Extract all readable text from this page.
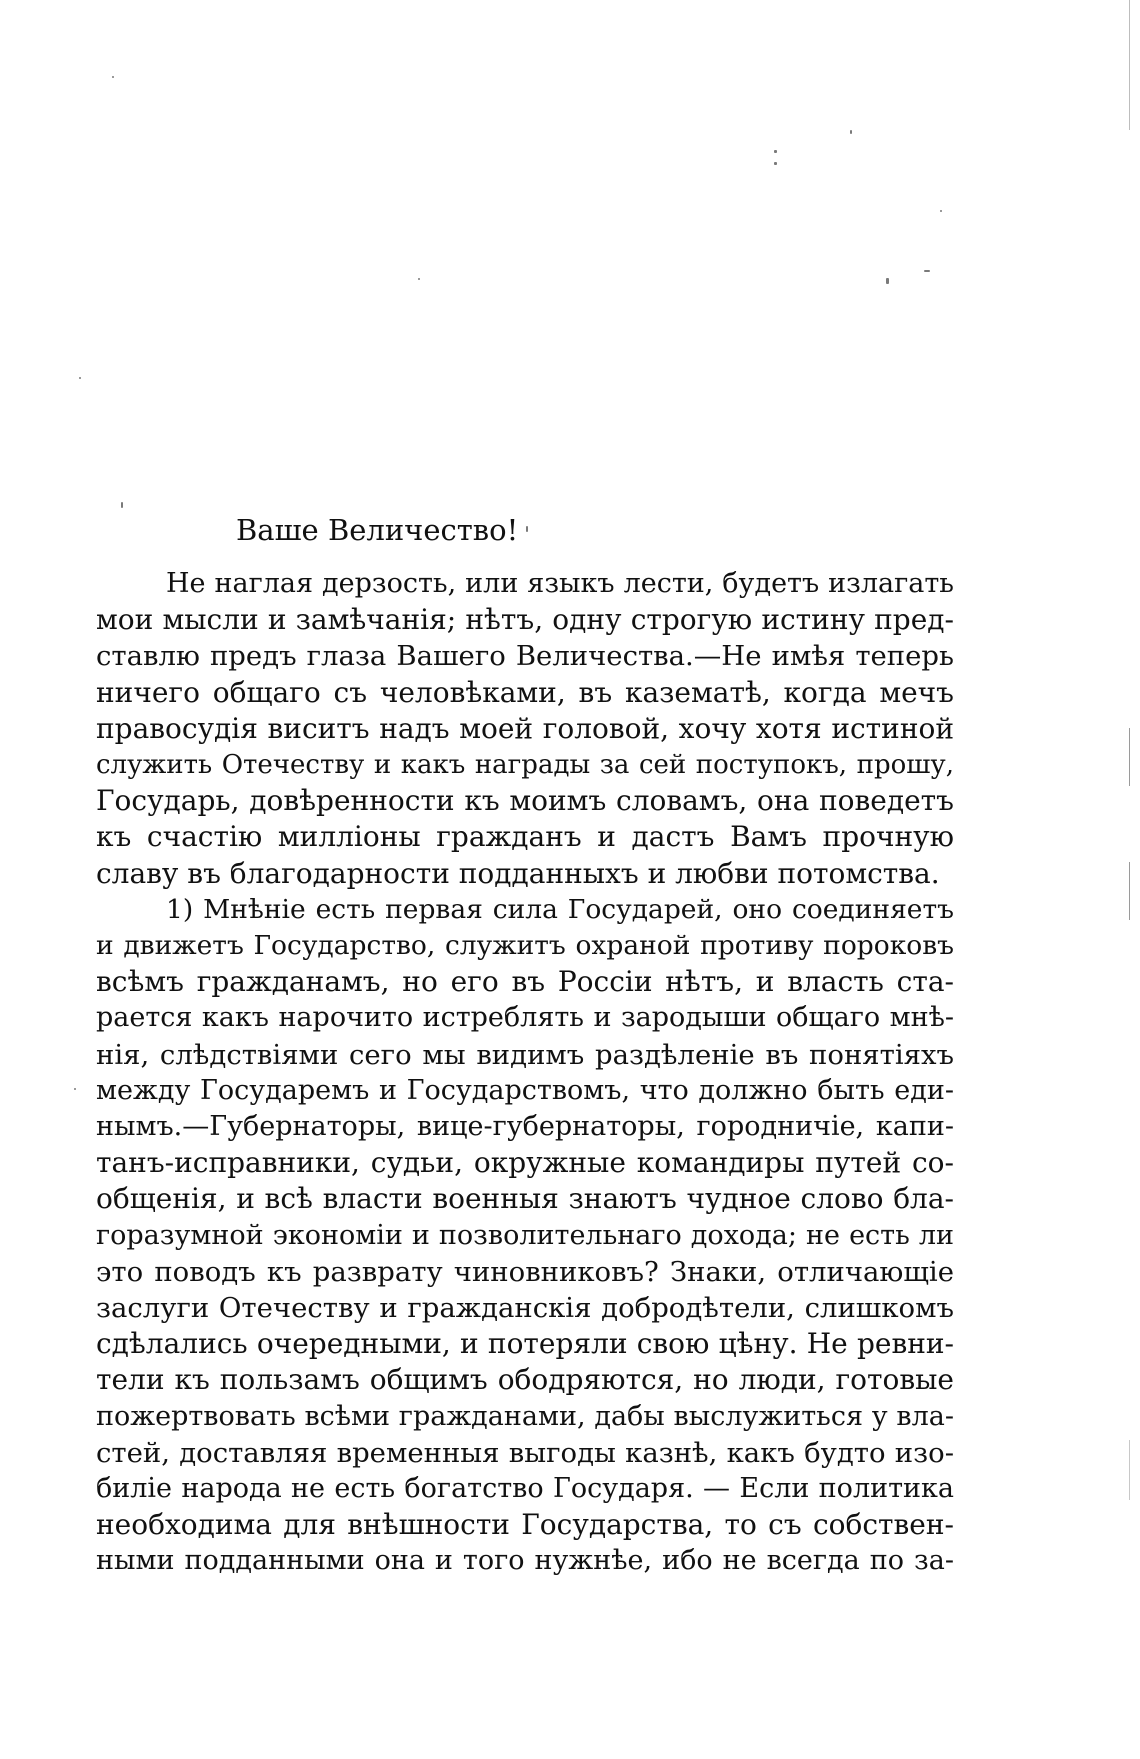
Ваше Величество!

Не наглая дерзость, или языкъ лести, будетъ излагать
мои мысли и замѣчанія; нѣтъ, одну строгую истину пред-
ставлю предъ глаза Вашего Величества.—Не имѣя теперь
ничего общаго съ человѣками, въ казематѣ, когда мечъ
правосудія виситъ надъ моей головой, хочу хотя истиной
служить Отечеству и какъ награды за сей поступокъ, прошу,
Государь, довѣренности къ моимъ словамъ, она поведетъ
къ счастію милліоны гражданъ и дастъ Вамъ прочную
славу въ благодарности подданныхъ и любви потомства.

1) Мнѣніе есть первая сила Государей, оно соединяетъ
и движетъ Государство, служитъ охраной противу пороковъ
всѣмъ гражданамъ, но его въ Россіи нѣтъ, и власть ста-
рается какъ нарочито истреблять и зародыши общаго мнѣ-
нія, слѣдствіями сего мы видимъ раздѣленіе въ понятіяхъ
между Государемъ и Государствомъ, что должно быть еди-
нымъ.—Губернаторы, вице-губернаторы, городничіе, капи-
танъ-исправники, судьи, окружные командиры путей со-
общенія, и всѣ власти военныя знаютъ чудное слово бла-
горазумной экономіи и позволительнаго дохода; не есть ли
это поводъ къ разврату чиновниковъ? Знаки, отличающіе
заслуги Отечеству и гражданскія добродѣтели, слишкомъ
сдѣлались очередными, и потеряли свою цѣну. Не ревни-
тели къ пользамъ общимъ ободряются, но люди, готовые
пожертвовать всѣми гражданами, дабы выслужиться у вла-
стей, доставляя временныя выгоды казнѣ, какъ будто изо-
биліе народа не есть богатство Государя. — Если политика
необходима для внѣшности Государства, то съ собствен-
ными подданными она и того нужнѣе, ибо не всегда по за-
